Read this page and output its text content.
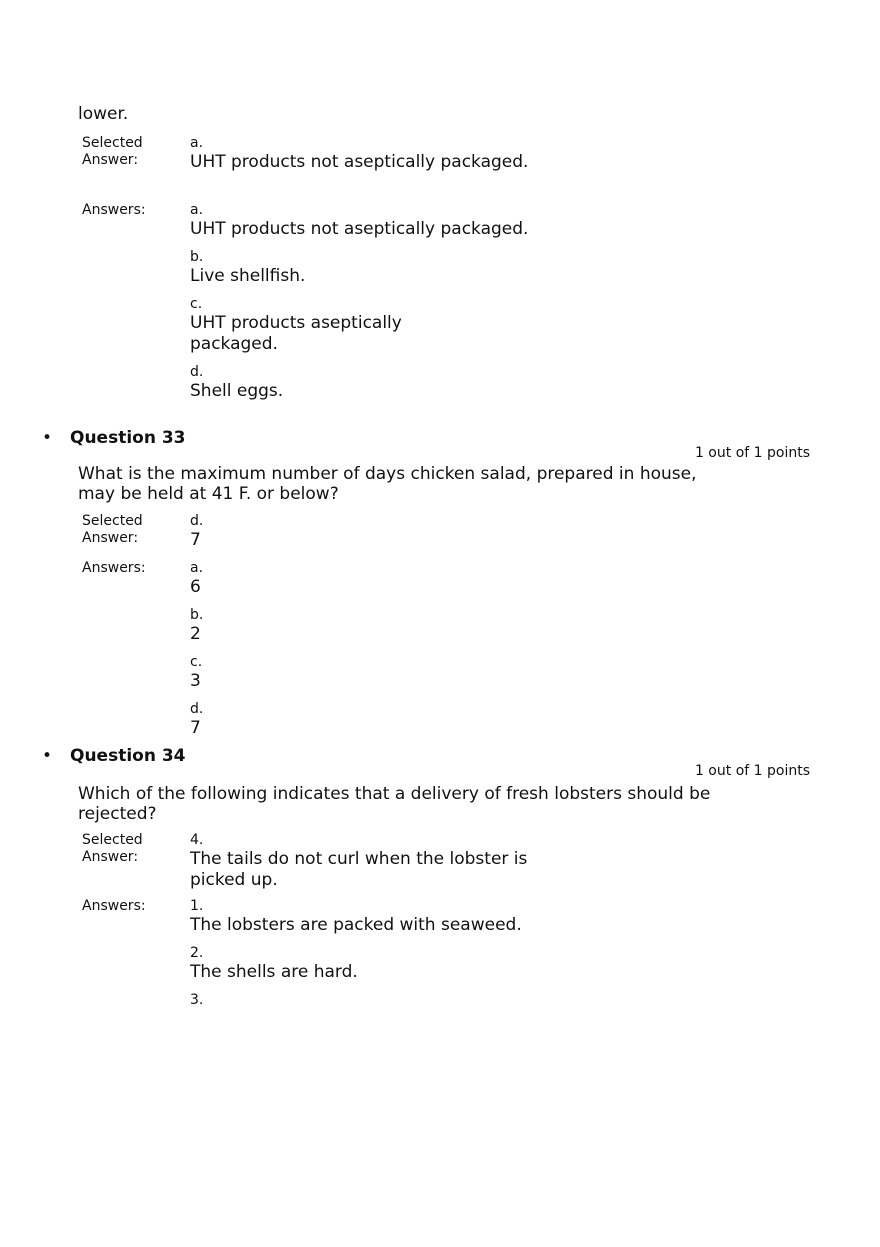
lower.
Selected Answer:
a.
UHT products not aseptically packaged.
Answers:	a.
UHT products not aseptically packaged.
b.
Live shellfish.
c.
UHT products aseptically packaged.
d.
Shell eggs.
• Question 33
1 out of 1 points
What is the maximum number of days chicken salad, prepared in house, may be held at 41 F. or below?
Selected Answer:
d.
7
Answers:	a.
6
b.
2
c.
3
d.
7
• Question 34
1 out of 1 points
Which of the following indicates that a delivery of fresh lobsters should be rejected?
Selected Answer:
4.
The tails do not curl when the lobster is picked up.
Answers:	1.
The lobsters are packed with seaweed.
2.
The shells are hard.
3.
